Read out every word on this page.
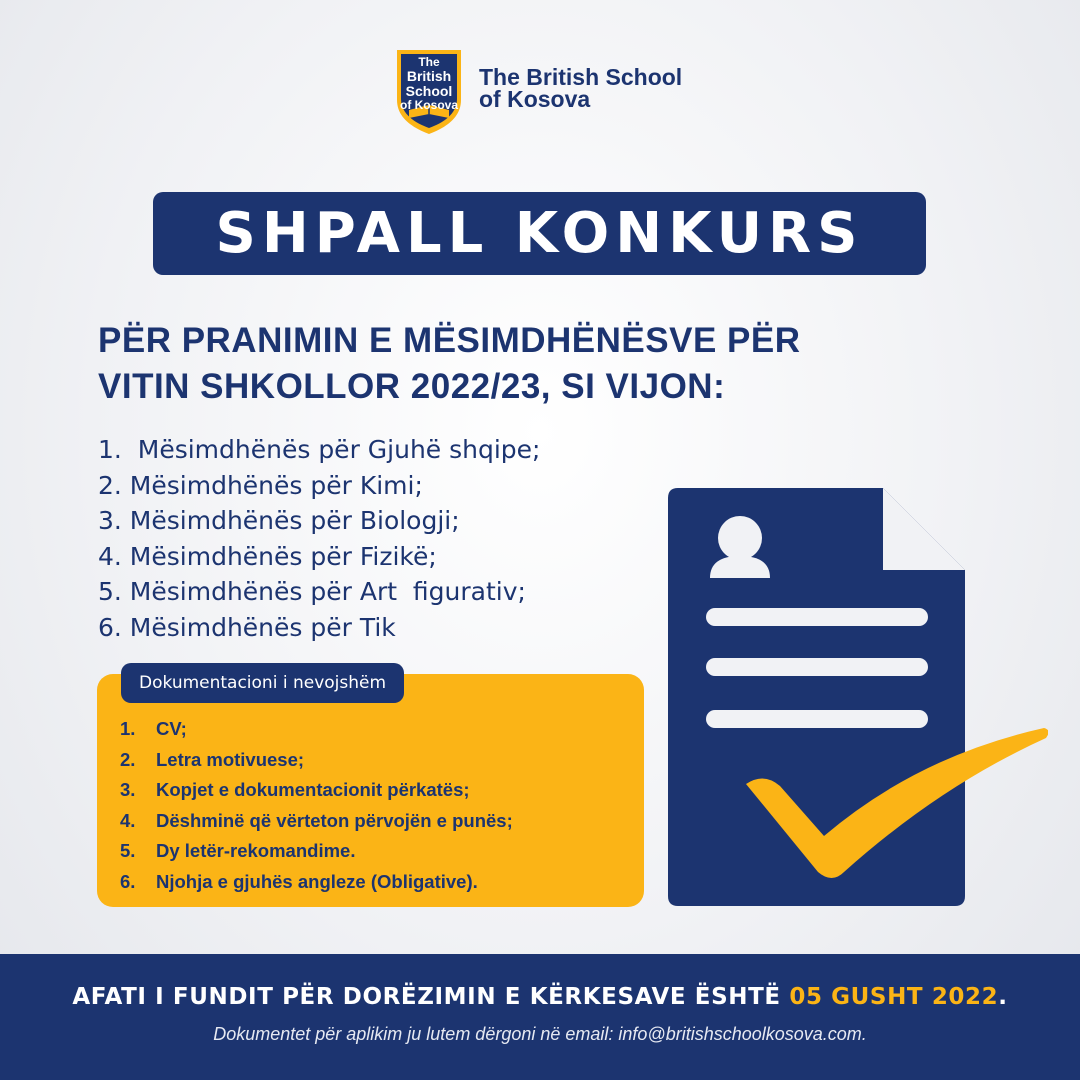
The
British
School
of Kosova
The British School
of Kosova
SHPALL KONKURS
PËR PRANIMIN E MËSIMDHËNËSVE PËR
VITIN SHKOLLOR 2022/23, SI VIJON:
1.  Mësimdhënës për Gjuhë shqipe;
2. Mësimdhënës për Kimi;
3. Mësimdhënës për Biologji;
4. Mësimdhënës për Fizikë;
5. Mësimdhënës për Art  figurativ;
6. Mësimdhënës për Tik
Dokumentacioni i nevojshëm
1.	CV;
2.	Letra motivuese;
3.	Kopjet e dokumentacionit përkatës;
4.	Dëshminë që vërteton përvojën e punës;
5.	Dy letër-rekomandime.
6.	Njohja e gjuhës angleze (Obligative).
AFATI I FUNDIT PËR DORËZIMIN E KËRKESAVE ËSHTË 05 GUSHT 2022.
Dokumentet për aplikim ju lutem dërgoni në email: info@britishschoolkosova.com.
